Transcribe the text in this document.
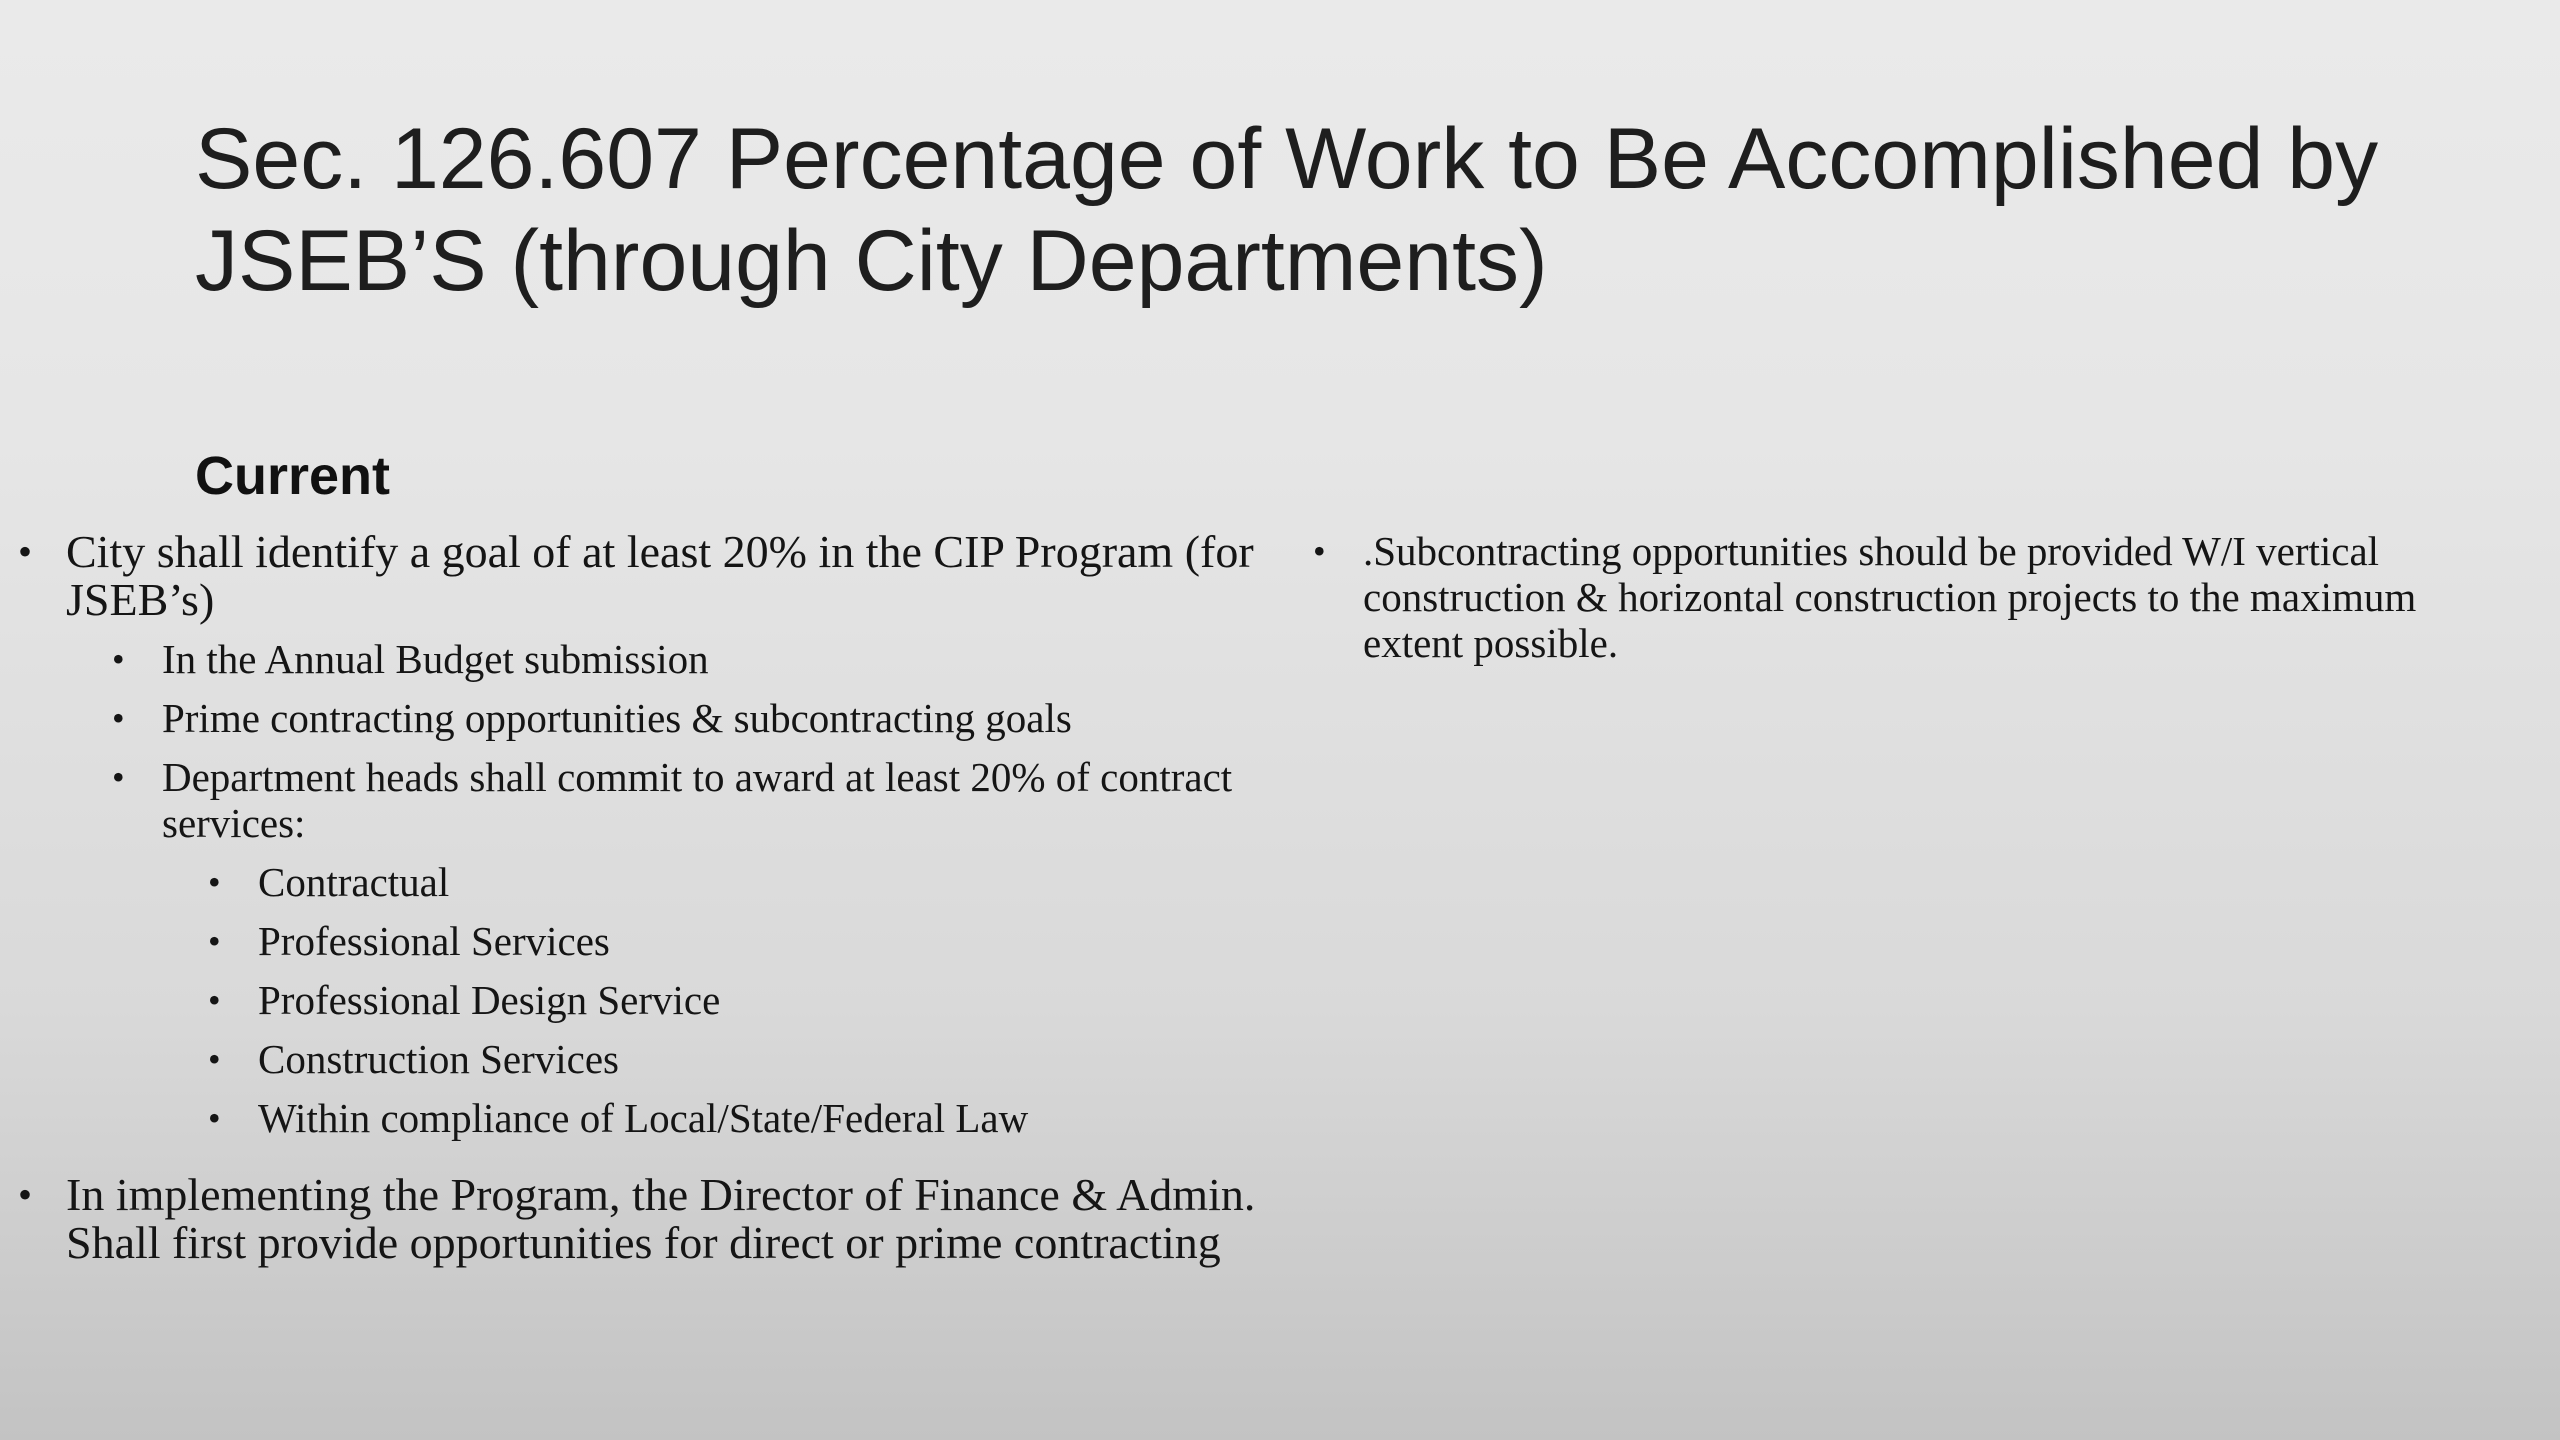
Sec. 126.607 Percentage of Work to Be Accomplished by
JSEB’S (through City Departments)
Current
• City shall identify a goal of at least 20% in the CIP Program (for JSEB’s)
• In the Annual Budget submission
• Prime contracting opportunities & subcontracting goals
• Department heads shall commit to award at least 20% of contract services:
• Contractual
• Professional Services
• Professional Design Service
• Construction Services
• Within compliance of Local/State/Federal Law
• In implementing the Program, the Director of Finance & Admin. Shall first provide opportunities for direct or prime contracting
• .Subcontracting opportunities should be provided W/I vertical construction & horizontal construction projects to the maximum extent possible.
